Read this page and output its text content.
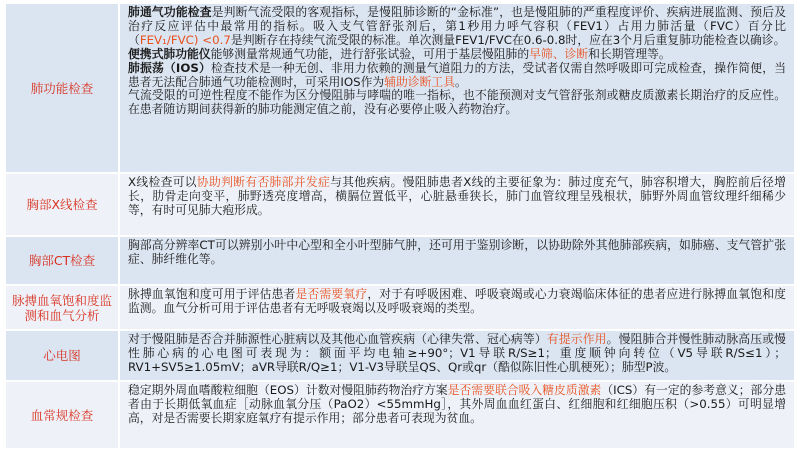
肺功能检查

肺通气功能检查是判断气流受限的客观指标，是慢阻肺诊断的“金标准”，也是慢阻肺的严重程度评价、疾病进展监测、预后及治疗反应评估中最常用的指标。吸入支气管舒张剂后，第1秒用力呼气容积（FEV1）占用力肺活量（FVC）百分比（FEV₁/FVC) <0.7是判断存在持续气流受限的标准。单次测量FEV1/FVC在0.6-0.8时，应在3个月后重复肺功能检查以确诊。

便携式肺功能仪能够测量常规通气功能，进行舒张试验，可用于基层慢阻肺的早筛、诊断和长期管理等。

肺振荡（IOS）检查技术是一种无创、非用力依赖的测量气道阻力的方法，受试者仅需自然呼吸即可完成检查，操作简便，当患者无法配合肺通气功能检测时，可采用IOS作为辅助诊断工具。

气流受限的可逆性程度不能作为区分慢阻肺与哮喘的唯一指标，也不能预测对支气管舒张剂或糖皮质激素长期治疗的反应性。在患者随访期间获得新的肺功能测定值之前，没有必要停止吸入药物治疗。

胸部X线检查

X线检查可以协助判断有否肺部并发症与其他疾病。慢阻肺患者X线的主要征象为：肺过度充气，肺容积增大，胸腔前后径增长，肋骨走向变平，肺野透亮度增高，横膈位置低平，心脏悬垂狭长，肺门血管纹理呈残根状，肺野外周血管纹理纤细稀少等，有时可见肺大疱形成。

胸部CT检查

胸部高分辨率CT可以辨别小叶中心型和全小叶型肺气肿，还可用于鉴别诊断，以协助除外其他肺部疾病，如肺癌、支气管扩张症、肺纤维化等。

脉搏血氧饱和度监测和血气分析

脉搏血氧饱和度可用于评估患者是否需要氧疗，对于有呼吸困难、呼吸衰竭或心力衰竭临床体征的患者应进行脉搏血氧饱和度监测。血气分析可用于评估患者有无呼吸衰竭以及呼吸衰竭的类型。

心电图

对于慢阻肺是否合并肺源性心脏病以及其他心血管疾病（心律失常、冠心病等）有提示作用。慢阻肺合并慢性肺动脉高压或慢性肺心病的心电图可表现为：额面平均电轴≥+90°；V1导联R/S≥1；重度顺钟向转位（V5导联R/S≤1）；RV1+SV5≥1.05mV；aVR导联R/Q≥1；V1-V3导联呈QS、Qr或qr（酷似陈旧性心肌梗死）；肺型P波。

血常规检查

稳定期外周血嗜酸粒细胞（EOS）计数对慢阻肺药物治疗方案是否需要联合吸入糖皮质激素（ICS）有一定的参考意义；部分患者由于长期低氧血症［动脉血氧分压（PaO2）<55mmHg］，其外周血血红蛋白、红细胞和红细胞压积（>0.55）可明显增高，对是否需要长期家庭氧疗有提示作用；部分患者可表现为贫血。
